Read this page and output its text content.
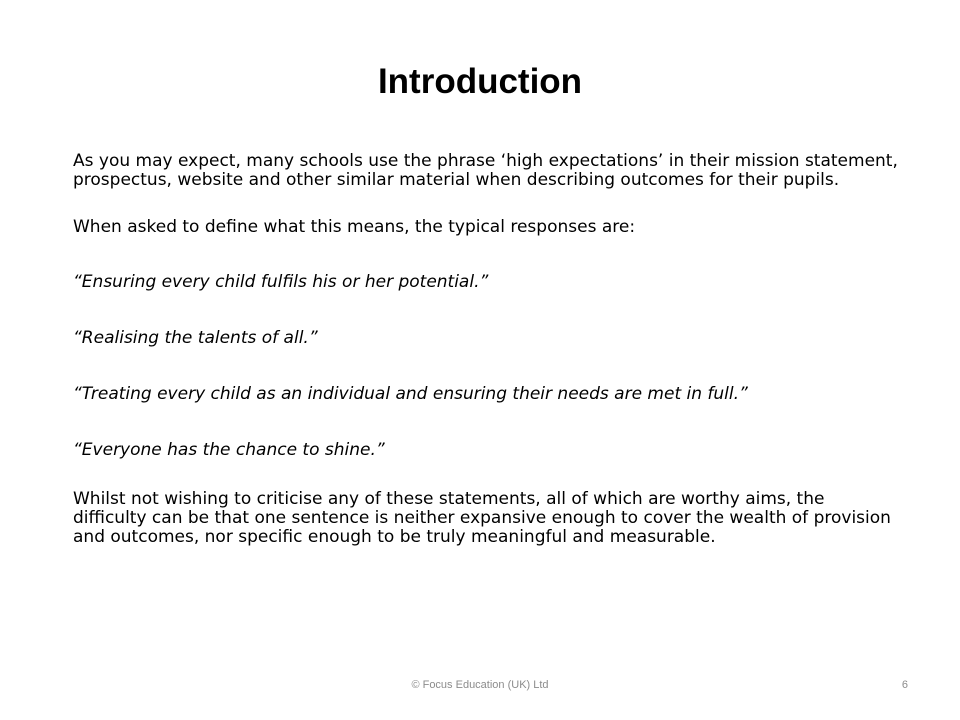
Introduction

As you may expect, many schools use the phrase ‘high expectations’ in their mission statement, prospectus, website and other similar material when describing outcomes for their pupils.

When asked to define what this means, the typical responses are:

“Ensuring every child fulfils his or her potential.”

“Realising the talents of all.”

“Treating every child as an individual and ensuring their needs are met in full.”

“Everyone has the chance to shine.”

Whilst not wishing to criticise any of these statements, all of which are worthy aims, the difficulty can be that one sentence is neither expansive enough to cover the wealth of provision and outcomes, nor specific enough to be truly meaningful and measurable.

© Focus Education (UK) Ltd	6
